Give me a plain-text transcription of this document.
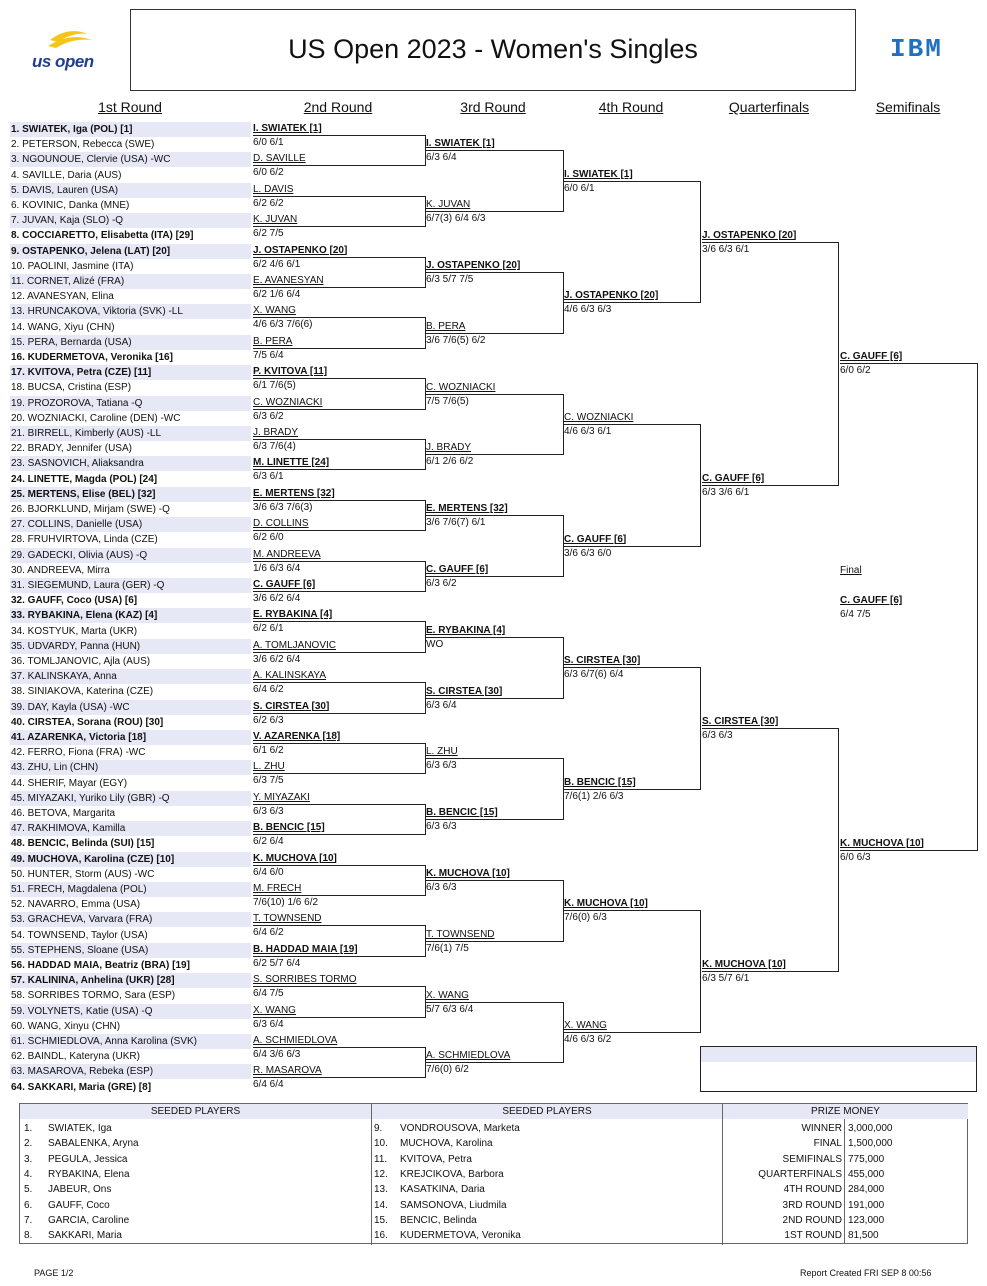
us open	US Open 2023 - Women's Singles	IBM
1st Round	2nd Round	3rd Round	4th Round	Quarterfinals	Semifinals
1. SWIATEK, Iga (POL) [1]
2. PETERSON, Rebecca (SWE)
3. NGOUNOUE, Clervie (USA) -WC
4. SAVILLE, Daria (AUS)
5. DAVIS, Lauren (USA)
6. KOVINIC, Danka (MNE)
7. JUVAN, Kaja (SLO) -Q
8. COCCIARETTO, Elisabetta (ITA) [29]
9. OSTAPENKO, Jelena (LAT) [20]
10. PAOLINI, Jasmine (ITA)
11. CORNET, Alizé (FRA)
12. AVANESYAN, Elina
13. HRUNCAKOVA, Viktoria (SVK) -LL
14. WANG, Xiyu (CHN)
15. PERA, Bernarda (USA)
16. KUDERMETOVA, Veronika [16]
17. KVITOVA, Petra (CZE) [11]
18. BUCSA, Cristina (ESP)
19. PROZOROVA, Tatiana -Q
20. WOZNIACKI, Caroline (DEN) -WC
21. BIRRELL, Kimberly (AUS) -LL
22. BRADY, Jennifer (USA)
23. SASNOVICH, Aliaksandra
24. LINETTE, Magda (POL) [24]
25. MERTENS, Elise (BEL) [32]
26. BJORKLUND, Mirjam (SWE) -Q
27. COLLINS, Danielle (USA)
28. FRUHVIRTOVA, Linda (CZE)
29. GADECKI, Olivia (AUS) -Q
30. ANDREEVA, Mirra
31. SIEGEMUND, Laura (GER) -Q
32. GAUFF, Coco (USA) [6]
33. RYBAKINA, Elena (KAZ) [4]
34. KOSTYUK, Marta (UKR)
35. UDVARDY, Panna (HUN)
36. TOMLJANOVIC, Ajla (AUS)
37. KALINSKAYA, Anna
38. SINIAKOVA, Katerina (CZE)
39. DAY, Kayla (USA) -WC
40. CIRSTEA, Sorana (ROU) [30]
41. AZARENKA, Victoria [18]
42. FERRO, Fiona (FRA) -WC
43. ZHU, Lin (CHN)
44. SHERIF, Mayar (EGY)
45. MIYAZAKI, Yuriko Lily (GBR) -Q
46. BETOVA, Margarita
47. RAKHIMOVA, Kamilla
48. BENCIC, Belinda (SUI) [15]
49. MUCHOVA, Karolina (CZE) [10]
50. HUNTER, Storm (AUS) -WC
51. FRECH, Magdalena (POL)
52. NAVARRO, Emma (USA)
53. GRACHEVA, Varvara (FRA)
54. TOWNSEND, Taylor (USA)
55. STEPHENS, Sloane (USA)
56. HADDAD MAIA, Beatriz (BRA) [19]
57. KALININA, Anhelina (UKR) [28]
58. SORRIBES TORMO, Sara (ESP)
59. VOLYNETS, Katie (USA) -Q
60. WANG, Xinyu (CHN)
61. SCHMIEDLOVA, Anna Karolina (SVK)
62. BAINDL, Kateryna (UKR)
63. MASAROVA, Rebeka (ESP)
64. SAKKARI, Maria (GRE) [8]
I. SWIATEK [1]
6/0 6/1
D. SAVILLE
6/0 6/2
L. DAVIS
6/2 6/2
K. JUVAN
6/2 7/5
J. OSTAPENKO [20]
6/2 4/6 6/1
E. AVANESYAN
6/2 1/6 6/4
X. WANG
4/6 6/3 7/6(6)
B. PERA
7/5 6/4
P. KVITOVA [11]
6/1 7/6(5)
C. WOZNIACKI
6/3 6/2
J. BRADY
6/3 7/6(4)
M. LINETTE [24]
6/3 6/1
E. MERTENS [32]
3/6 6/3 7/6(3)
D. COLLINS
6/2 6/0
M. ANDREEVA
1/6 6/3 6/4
C. GAUFF [6]
3/6 6/2 6/4
E. RYBAKINA [4]
6/2 6/1
A. TOMLJANOVIC
3/6 6/2 6/4
A. KALINSKAYA
6/4 6/2
S. CIRSTEA [30]
6/2 6/3
V. AZARENKA [18]
6/1 6/2
L. ZHU
6/3 7/5
Y. MIYAZAKI
6/3 6/3
B. BENCIC [15]
6/2 6/4
K. MUCHOVA [10]
6/4 6/0
M. FRECH
7/6(10) 1/6 6/2
T. TOWNSEND
6/4 6/2
B. HADDAD MAIA [19]
6/2 5/7 6/4
S. SORRIBES TORMO
6/4 7/5
X. WANG
6/3 6/4
A. SCHMIEDLOVA
6/4 3/6 6/3
R. MASAROVA
6/4 6/4
I. SWIATEK [1]
6/3 6/4
K. JUVAN
6/7(3) 6/4 6/3
J. OSTAPENKO [20]
6/3 5/7 7/5
B. PERA
3/6 7/6(5) 6/2
C. WOZNIACKI
7/5 7/6(5)
J. BRADY
6/1 2/6 6/2
E. MERTENS [32]
3/6 7/6(7) 6/1
C. GAUFF [6]
6/3 6/2
E. RYBAKINA [4]
WO
S. CIRSTEA [30]
6/3 6/4
L. ZHU
6/3 6/3
B. BENCIC [15]
6/3 6/3
K. MUCHOVA [10]
6/3 6/3
T. TOWNSEND
7/6(1) 7/5
X. WANG
5/7 6/3 6/4
A. SCHMIEDLOVA
7/6(0) 6/2
I. SWIATEK [1]
6/0 6/1
J. OSTAPENKO [20]
4/6 6/3 6/3
C. WOZNIACKI
4/6 6/3 6/1
C. GAUFF [6]
3/6 6/3 6/0
S. CIRSTEA [30]
6/3 6/7(6) 6/4
B. BENCIC [15]
7/6(1) 2/6 6/3
K. MUCHOVA [10]
7/6(0) 6/3
X. WANG
4/6 6/3 6/2
J. OSTAPENKO [20]
3/6 6/3 6/1
C. GAUFF [6]
6/3 3/6 6/1
S. CIRSTEA [30]
6/3 6/3
K. MUCHOVA [10]
6/3 5/7 6/1
C. GAUFF [6]
6/0 6/2
K. MUCHOVA [10]
6/0 6/3
Final
C. GAUFF [6]
6/4 7/5
SEEDED PLAYERS	SEEDED PLAYERS	PRIZE MONEY
1.	SWIATEK, Iga
2.	SABALENKA, Aryna
3.	PEGULA, Jessica
4.	RYBAKINA, Elena
5.	JABEUR, Ons
6.	GAUFF, Coco
7.	GARCIA, Caroline
8.	SAKKARI, Maria
9.	VONDROUSOVA, Marketa
10.	MUCHOVA, Karolina
11.	KVITOVA, Petra
12.	KREJCIKOVA, Barbora
13.	KASATKINA, Daria
14.	SAMSONOVA, Liudmila
15.	BENCIC, Belinda
16.	KUDERMETOVA, Veronika
WINNER 3,000,000
FINAL 1,500,000
SEMIFINALS 775,000
QUARTERFINALS 455,000
4TH ROUND 284,000
3RD ROUND 191,000
2ND ROUND 123,000
1ST ROUND 81,500
PAGE 1/2	Report Created FRI SEP 8 00:56
